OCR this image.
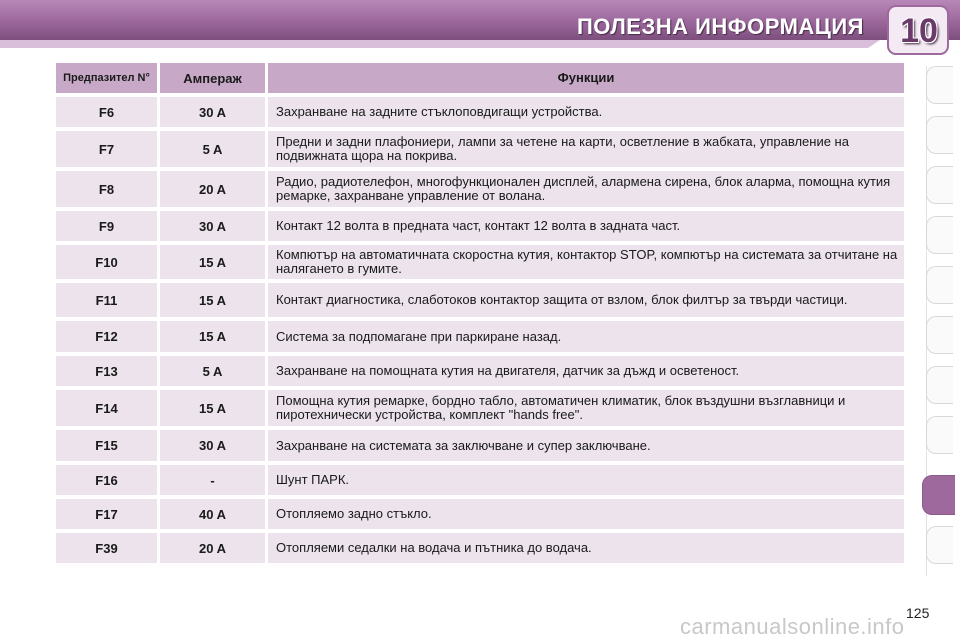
ПОЛЕЗНА ИНФОРМАЦИЯ 10
Предпазител N°	Ампераж	Функции
F6	30 A	Захранване на задните стъклоповдигащи устройства.
F7	5 A	Предни и задни плафониери, лампи за четене на карти, осветление в жабката, управление на подвижната щора на покрива.
F8	20 A	Радио, радиотелефон, многофункционален дисплей, алармена сирена, блок аларма, помощна кутия ремарке, захранване управление от волана.
F9	30 A	Контакт 12 волта в предната част, контакт 12 волта в задната част.
F10	15 A	Компютър на автоматичната скоростна кутия, контактор STOP, компютър на системата за отчитане на налягането в гумите.
F11	15 A	Контакт диагностика, слаботоков контактор защита от взлом, блок филтър за твърди частици.
F12	15 A	Система за подпомагане при паркиране назад.
F13	5 A	Захранване на помощната кутия на двигателя, датчик за дъжд и осветеност.
F14	15 A	Помощна кутия ремарке, бордно табло, автоматичен климатик, блок въздушни възглавници и пиротехнически устройства, комплект "hands free".
F15	30 A	Захранване на системата за заключване и супер заключване.
F16	-	Шунт ПАРК.
F17	40 A	Отопляемо задно стъкло.
F39	20 A	Отопляеми седалки на водача и пътника до водача.
125
carmanualsonline.info
